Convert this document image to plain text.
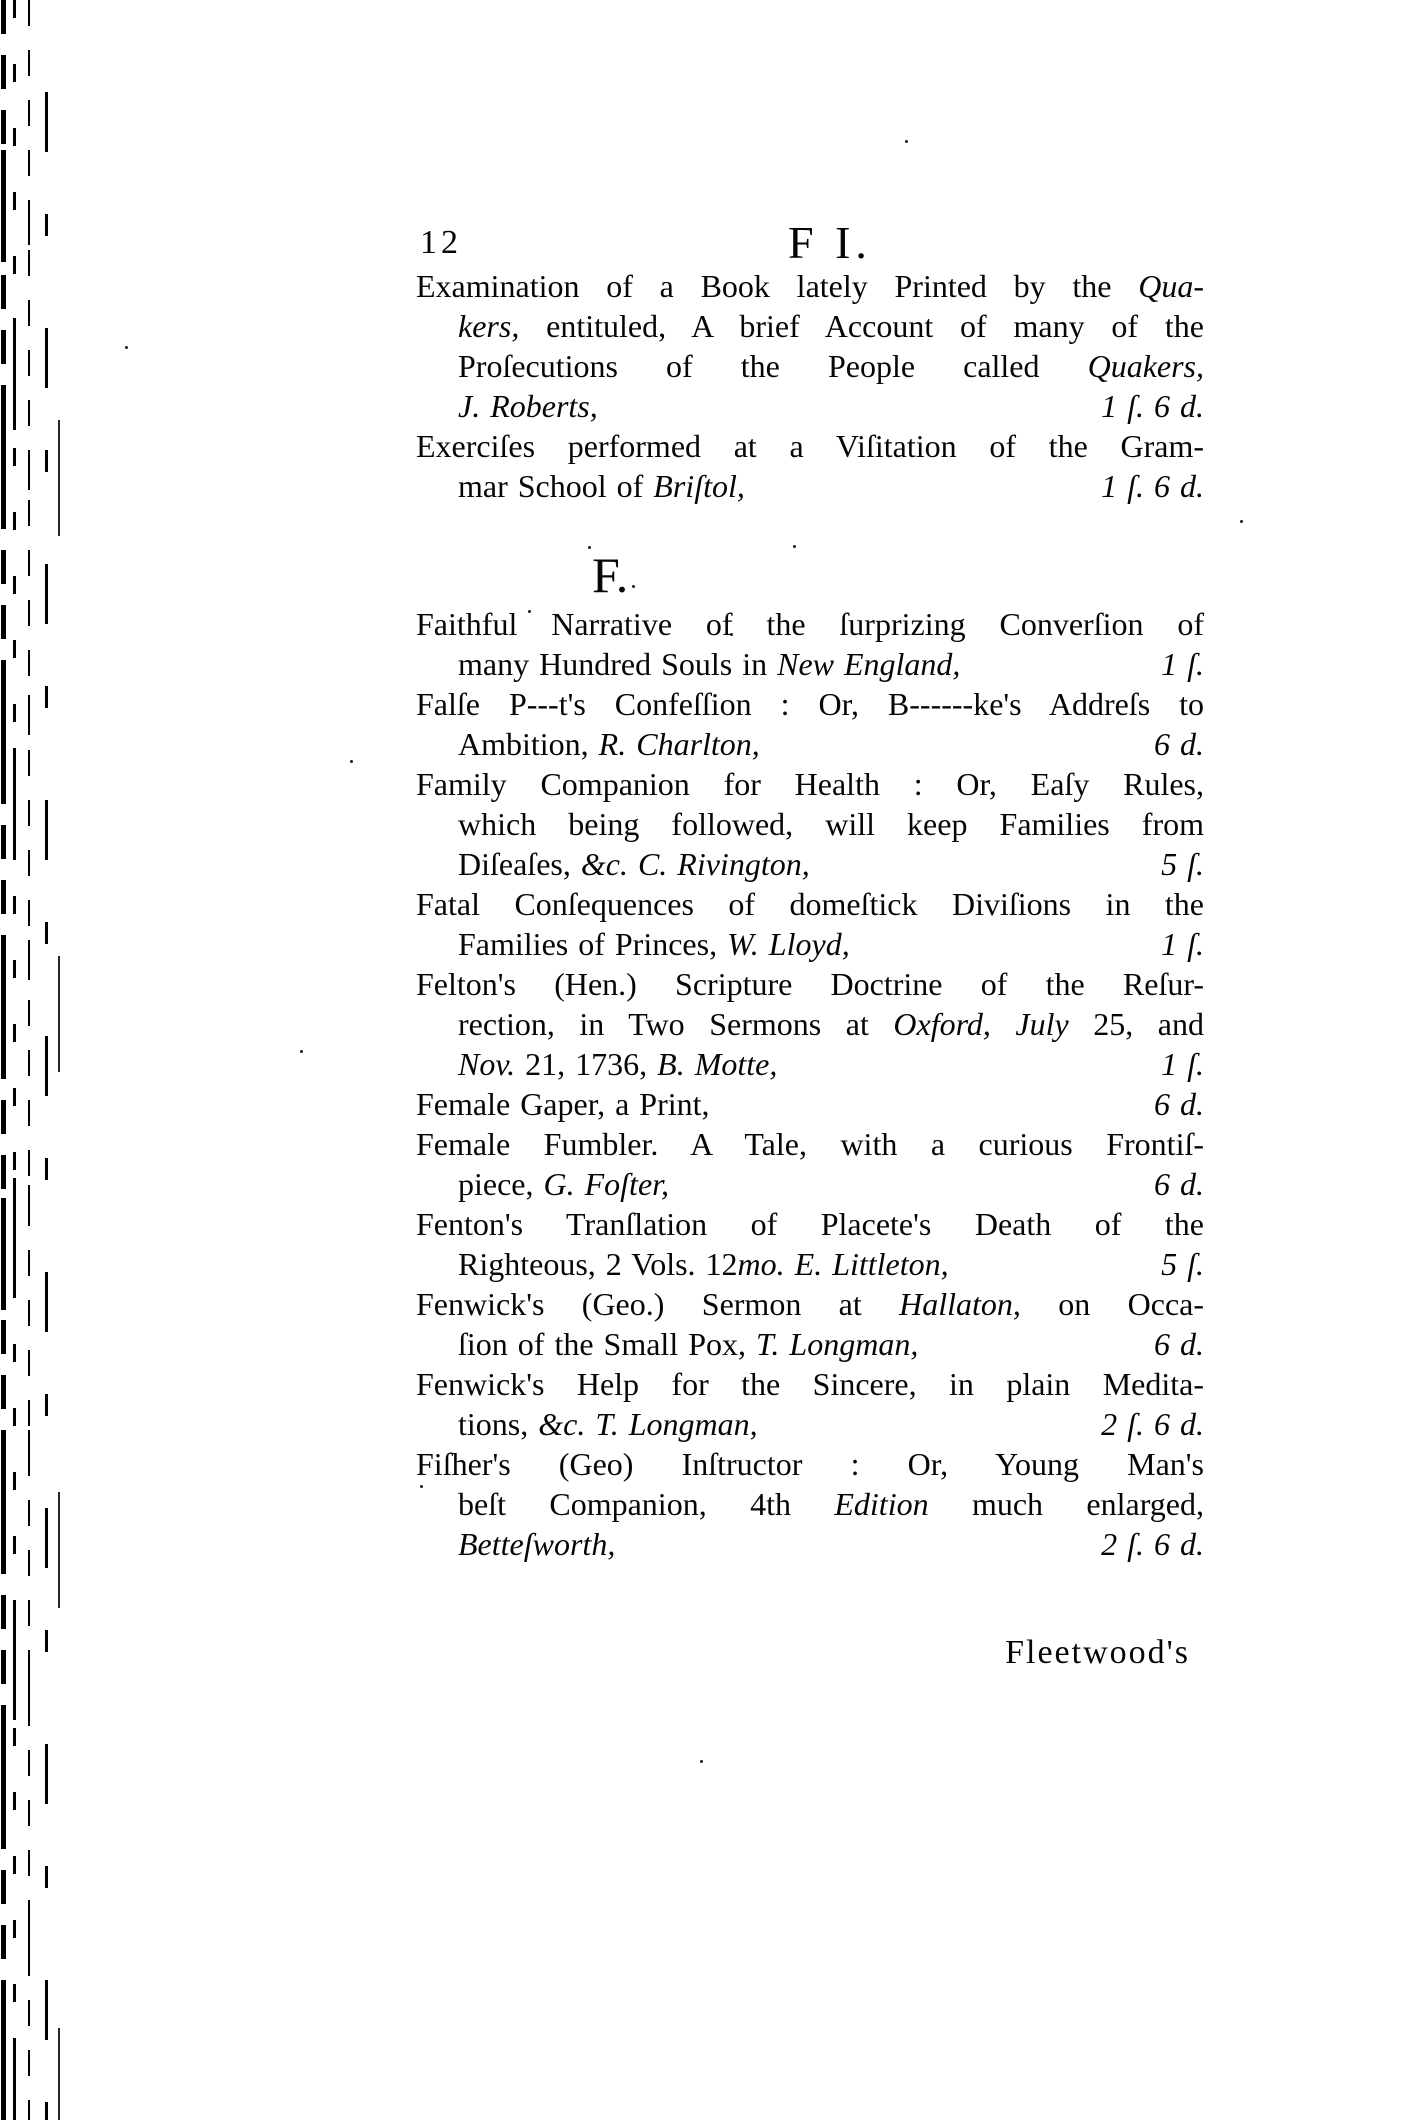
12	F I.
Examination of a Book lately Printed by the Qua-
kers, entituled, A brief Account of many of the
Proſecutions of the People called Quakers,
J. Roberts,	1 ſ. 6 d.
Exerciſes performed at a Viſitation of the Gram-
mar School of Briſtol,	1 ſ. 6 d.
F.
Faithful Narrative of the ſurprizing Converſion of
many Hundred Souls in New England,	1 ſ.
Falſe P---t's Confeſſion : Or, B------ke's Addreſs to
Ambition, R. Charlton,	6 d.
Family Companion for Health : Or, Eaſy Rules,
which being followed, will keep Families from
Diſeaſes, &c. C. Rivington,	5 ſ.
Fatal Conſequences of domeſtick Diviſions in the
Families of Princes, W. Lloyd,	1 ſ.
Felton's (Hen.) Scripture Doctrine of the Reſur-
rection, in Two Sermons at Oxford, July 25, and
Nov. 21, 1736, B. Motte,	1 ſ.
Female Gaper, a Print,	6 d.
Female Fumbler. A Tale, with a curious Frontiſ-
piece, G. Foſter,	6 d.
Fenton's Tranſlation of Placete's Death of the
Righteous, 2 Vols. 12mo. E. Littleton,	5 ſ.
Fenwick's (Geo.) Sermon at Hallaton, on Occa-
ſion of the Small Pox, T. Longman,	6 d.
Fenwick's Help for the Sincere, in plain Medita-
tions, &c. T. Longman,	2 ſ. 6 d.
Fiſher's (Geo) Inſtructor : Or, Young Man's
beſt Companion, 4th Edition much enlarged,
Betteſworth,	2 ſ. 6 d.
Fleetwood's
